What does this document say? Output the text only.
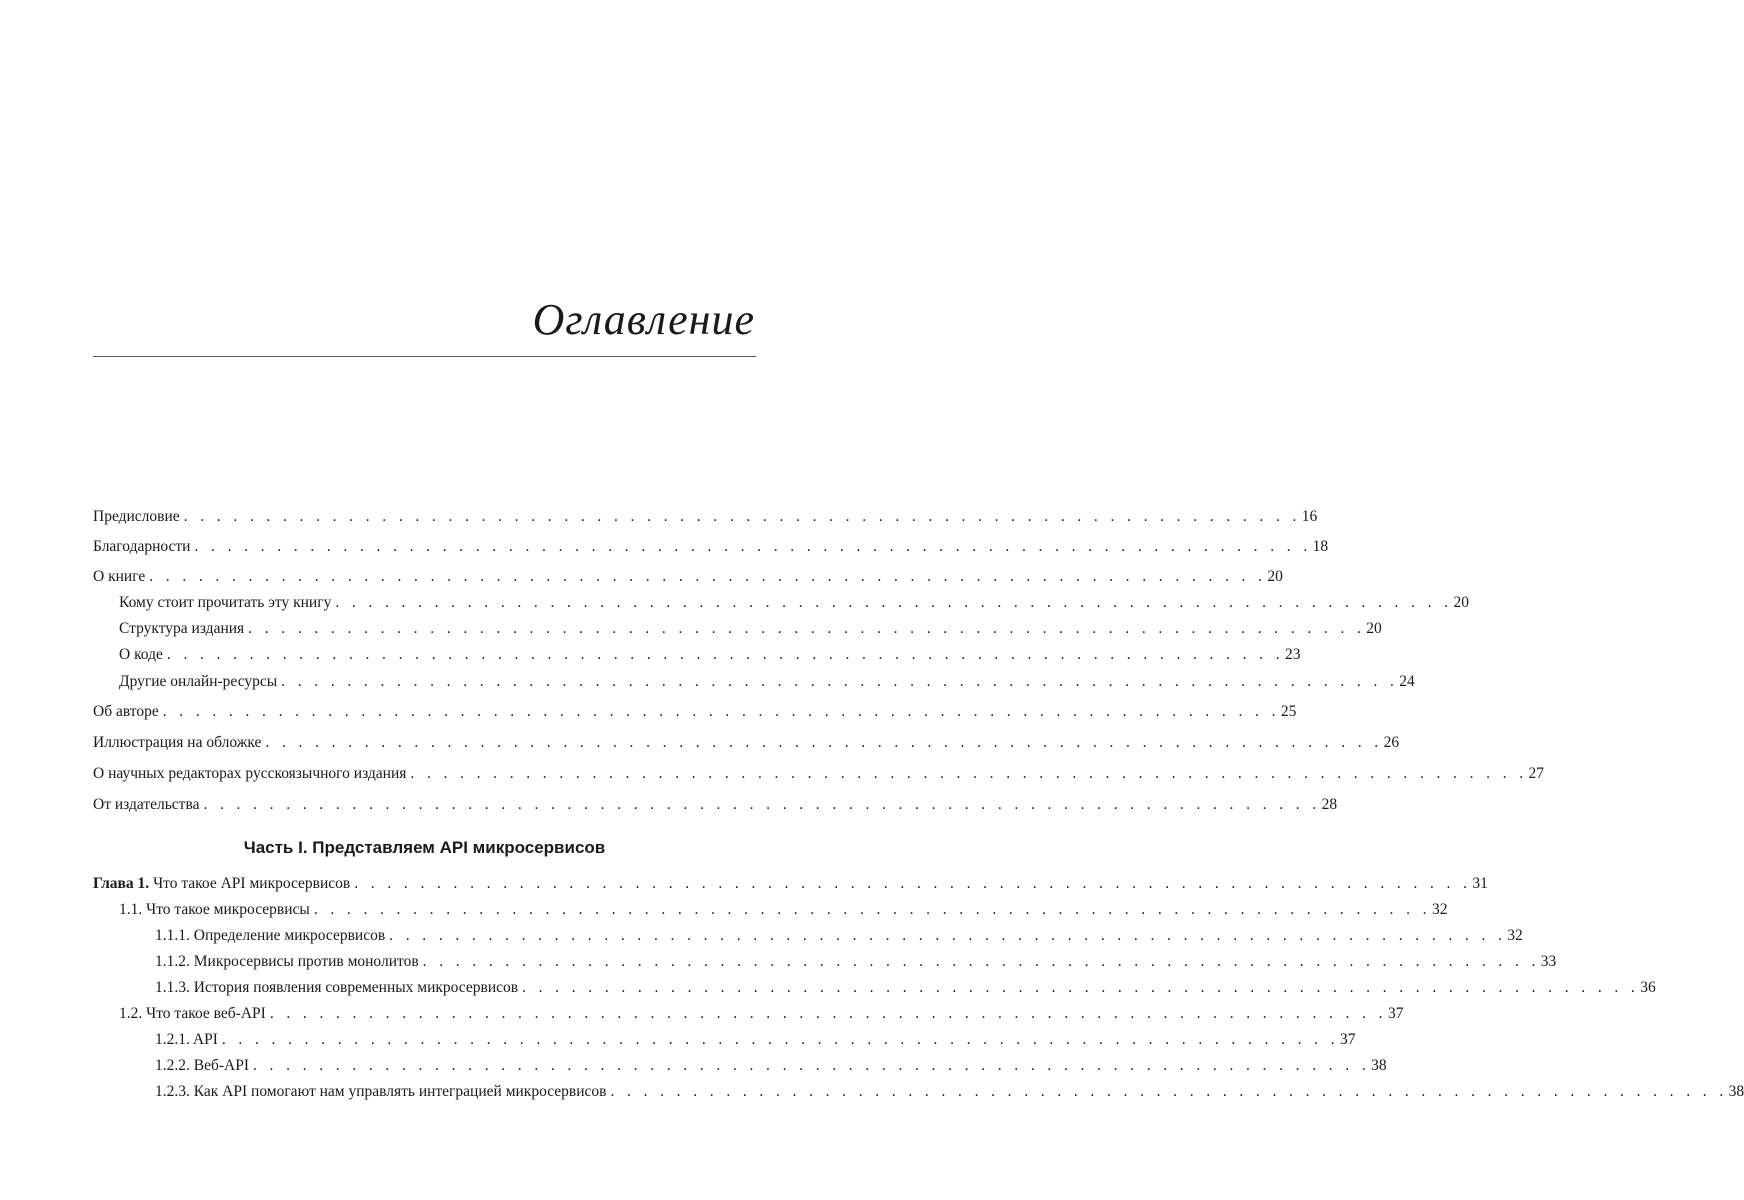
Оглавление
Предисловие . . . . . . . . . . . . . . . . . . . . . . . . . . . . . . . . . . . . . . . . . . . . . . . . . . . . . . . . . . . . . . . . . . . . 16
Благодарности . . . . . . . . . . . . . . . . . . . . . . . . . . . . . . . . . . . . . . . . . . . . . . . . . . . . . . . . . . . . . . . . . . . . 18
О книге . . . . . . . . . . . . . . . . . . . . . . . . . . . . . . . . . . . . . . . . . . . . . . . . . . . . . . . . . . . . . . . . . . . . 20
Кому стоит прочитать эту книгу . . . . . . . . . . . . . . . . . . . . . . . . . . . . . . . . . . . . . . . . . . . . . . . . . . . . . . . . . . . . . . . . . . . . 20
Структура издания . . . . . . . . . . . . . . . . . . . . . . . . . . . . . . . . . . . . . . . . . . . . . . . . . . . . . . . . . . . . . . . . . . . . 20
О коде . . . . . . . . . . . . . . . . . . . . . . . . . . . . . . . . . . . . . . . . . . . . . . . . . . . . . . . . . . . . . . . . . . . . 23
Другие онлайн-ресурсы . . . . . . . . . . . . . . . . . . . . . . . . . . . . . . . . . . . . . . . . . . . . . . . . . . . . . . . . . . . . . . . . . . . . 24
Об авторе . . . . . . . . . . . . . . . . . . . . . . . . . . . . . . . . . . . . . . . . . . . . . . . . . . . . . . . . . . . . . . . . . . . . 25
Иллюстрация на обложке . . . . . . . . . . . . . . . . . . . . . . . . . . . . . . . . . . . . . . . . . . . . . . . . . . . . . . . . . . . . . . . . . . . . 26
О научных редакторах русскоязычного издания . . . . . . . . . . . . . . . . . . . . . . . . . . . . . . . . . . . . . . . . . . . . . . . . . . . . . . . . . . . . . . . . . . . . 27
От издательства . . . . . . . . . . . . . . . . . . . . . . . . . . . . . . . . . . . . . . . . . . . . . . . . . . . . . . . . . . . . . . . . . . . . 28
Часть I. Представляем API микросервисов
Глава 1. Что такое API микросервисов . . . . . . . . . . . . . . . . . . . . . . . . . . . . . . . . . . . . . . . . . . . . . . . . . . . . . . . . . . . . . . . . . . . . 31
1.1. Что такое микросервисы . . . . . . . . . . . . . . . . . . . . . . . . . . . . . . . . . . . . . . . . . . . . . . . . . . . . . . . . . . . . . . . . . . . . 32
1.1.1. Определение микросервисов . . . . . . . . . . . . . . . . . . . . . . . . . . . . . . . . . . . . . . . . . . . . . . . . . . . . . . . . . . . . . . . . . . . . 32
1.1.2. Микросервисы против монолитов . . . . . . . . . . . . . . . . . . . . . . . . . . . . . . . . . . . . . . . . . . . . . . . . . . . . . . . . . . . . . . . . . . . . 33
1.1.3. История появления современных микросервисов . . . . . . . . . . . . . . . . . . . . . . . . . . . . . . . . . . . . . . . . . . . . . . . . . . . . . . . . . . . . . . . . . . . . 36
1.2. Что такое веб-API . . . . . . . . . . . . . . . . . . . . . . . . . . . . . . . . . . . . . . . . . . . . . . . . . . . . . . . . . . . . . . . . . . . . 37
1.2.1. API . . . . . . . . . . . . . . . . . . . . . . . . . . . . . . . . . . . . . . . . . . . . . . . . . . . . . . . . . . . . . . . . . . . . 37
1.2.2. Веб-API . . . . . . . . . . . . . . . . . . . . . . . . . . . . . . . . . . . . . . . . . . . . . . . . . . . . . . . . . . . . . . . . . . . . 38
1.2.3. Как API помогают нам управлять интеграцией микросервисов . . . . . . . . . . . . . . . . . . . . . . . . . . . . . . . . . . . . . . . . . . . . . . . . . . . . . . . . . . . . . . . . . . . . 38
